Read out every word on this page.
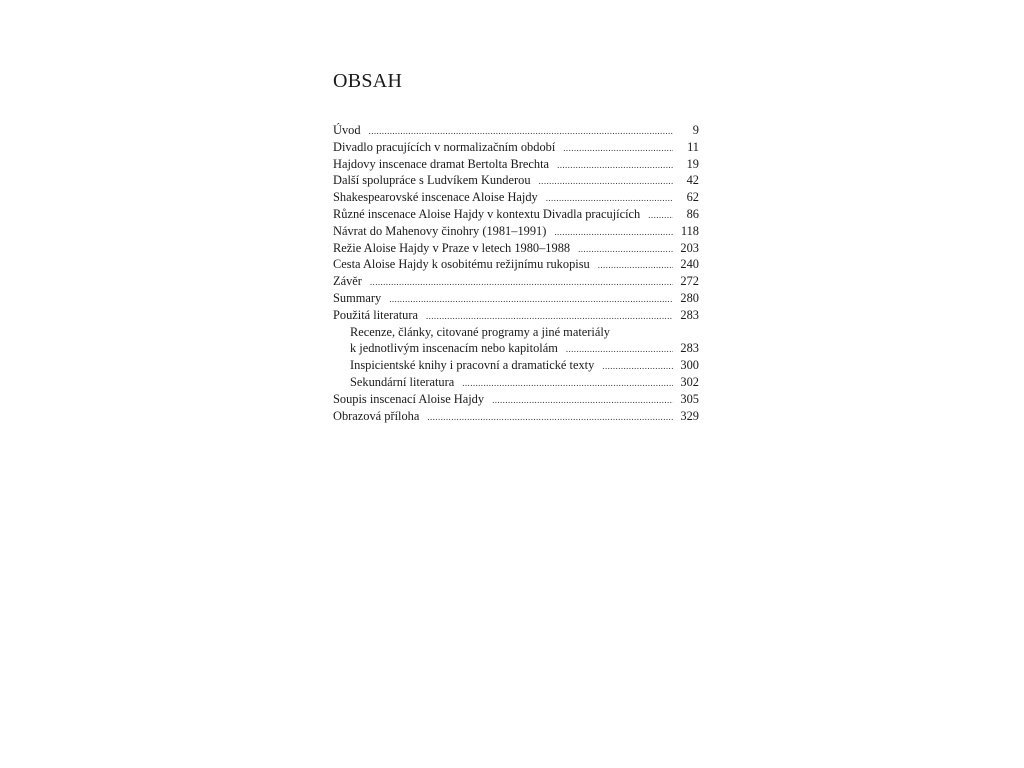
OBSAH
Úvod .....	9
Divadlo pracujících v normalizačním období .....	11
Hajdovy inscenace dramat Bertolta Brechta .....	19
Další spolupráce s Ludvíkem Kunderou .....	42
Shakespearovské inscenace Aloise Hajdy .....	62
Různé inscenace Aloise Hajdy v kontextu Divadla pracujících .....	86
Návrat do Mahenovy činohry (1981–1991) .....	118
Režie Aloise Hajdy v Praze v letech 1980–1988 .....	203
Cesta Aloise Hajdy k osobitému režijnímu rukopisu .....	240
Závěr .....	272
Summary .....	280
Použitá literatura .....	283
Recenze, články, citované programy a jiné materiály
k jednotlivým inscenacím nebo kapitolám .....	283
Inspicientské knihy i pracovní a dramatické texty .....	300
Sekundární literatura .....	302
Soupis inscenací Aloise Hajdy .....	305
Obrazová příloha .....	329
